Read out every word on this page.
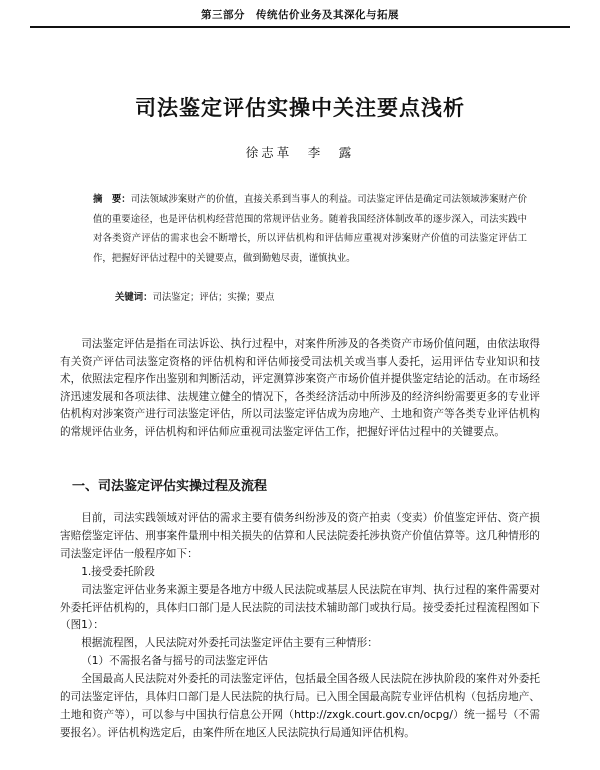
第三部分　传统估价业务及其深化与拓展
司法鉴定评估实操中关注要点浅析
徐志革　李　露
摘　要：司法领域涉案财产的价值，直接关系到当事人的利益。司法鉴定评估是确定司法领域涉案财产价值的重要途径，也是评估机构经营范围的常规评估业务。随着我国经济体制改革的逐步深入，司法实践中对各类资产评估的需求也会不断增长，所以评估机构和评估师应重视对涉案财产价值的司法鉴定评估工作，把握好评估过程中的关键要点，做到勤勉尽责，谨慎执业。
关键词：司法鉴定；评估；实操；要点

司法鉴定评估是指在司法诉讼、执行过程中，对案件所涉及的各类资产市场价值问题，由依法取得有关资产评估司法鉴定资格的评估机构和评估师接受司法机关或当事人委托，运用评估专业知识和技术，依照法定程序作出鉴别和判断活动，评定测算涉案资产市场价值并提供鉴定结论的活动。在市场经济迅速发展和各项法律、法规建立健全的情况下，各类经济活动中所涉及的经济纠纷需要更多的专业评估机构对涉案资产进行司法鉴定评估，所以司法鉴定评估成为房地产、土地和资产等各类专业评估机构的常规评估业务，评估机构和评估师应重视司法鉴定评估工作，把握好评估过程中的关键要点。

一、司法鉴定评估实操过程及流程

目前，司法实践领域对评估的需求主要有债务纠纷涉及的资产拍卖（变卖）价值鉴定评估、资产损害赔偿鉴定评估、刑事案件量刑中相关损失的估算和人民法院委托涉执资产价值估算等。这几种情形的司法鉴定评估一般程序如下：

1.接受委托阶段

司法鉴定评估业务来源主要是各地方中级人民法院或基层人民法院在审判、执行过程的案件需要对外委托评估机构的，具体归口部门是人民法院的司法技术辅助部门或执行局。接受委托过程流程图如下（图1）：

根据流程图，人民法院对外委托司法鉴定评估主要有三种情形：

（1）不需报名备与摇号的司法鉴定评估

全国最高人民法院对外委托的司法鉴定评估，包括最全国各级人民法院在涉执阶段的案件对外委托的司法鉴定评估，具体归口部门是人民法院的执行局。已入围全国最高院专业评估机构（包括房地产、土地和资产等），可以参与中国执行信息公开网（http://zxgk.court.gov.cn/ocpg/）统一摇号（不需要报名）。评估机构选定后，由案件所在地区人民法院执行局通知评估机构。
